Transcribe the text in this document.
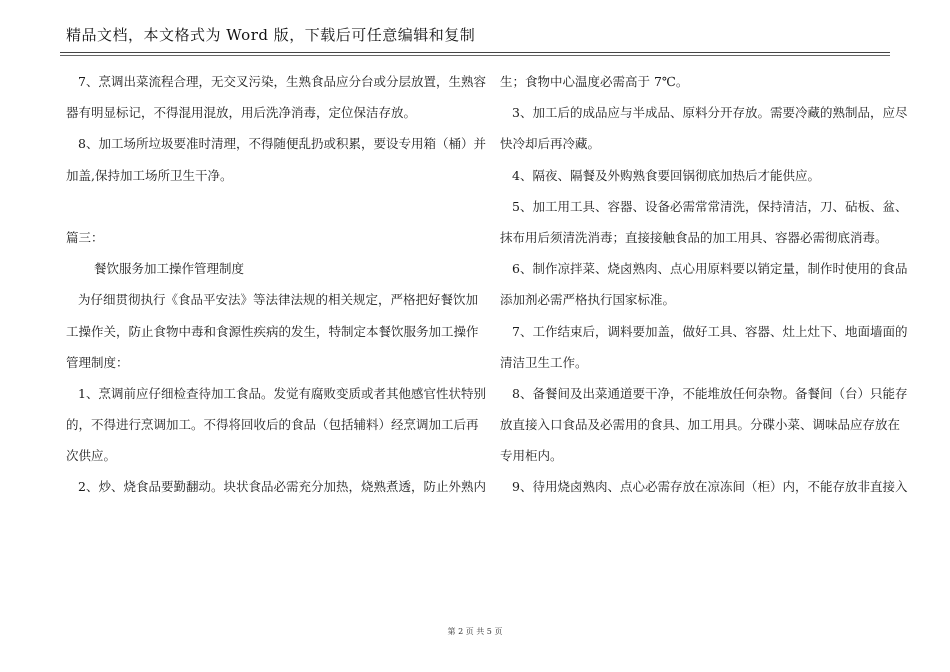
精品文档，本文格式为 Word 版，下载后可任意编辑和复制
7、烹调出菜流程合理，无交叉污染，生熟食品应分台或分层放置，生熟容
器有明显标记，不得混用混放，用后洗净消毒，定位保洁存放。
8、加工场所垃圾要准时清理，不得随便乱扔或积累，要设专用箱（桶）并
加盖,保持加工场所卫生干净。
篇三：
餐饮服务加工操作管理制度
为仔细贯彻执行《食品平安法》等法律法规的相关规定，严格把好餐饮加
工操作关，防止食物中毒和食源性疾病的发生，特制定本餐饮服务加工操作
管理制度：
1、烹调前应仔细检查待加工食品。发觉有腐败变质或者其他感官性状特别
的，不得进行烹调加工。不得将回收后的食品（包括辅料）经烹调加工后再
次供应。
2、炒、烧食品要勤翻动。块状食品必需充分加热，烧熟煮透，防止外熟内
生；食物中心温度必需高于 7℃。
3、加工后的成品应与半成品、原料分开存放。需要冷藏的熟制品，应尽
快冷却后再冷藏。
4、隔夜、隔餐及外购熟食要回锅彻底加热后才能供应。
5、加工用工具、容器、设备必需常常清洗，保持清洁，刀、砧板、盆、
抹布用后须清洗消毒；直接接触食品的加工用具、容器必需彻底消毒。
6、制作凉拌菜、烧卤熟肉、点心用原料要以销定量，制作时使用的食品
添加剂必需严格执行国家标准。
7、工作结束后，调料要加盖，做好工具、容器、灶上灶下、地面墙面的
清洁卫生工作。
8、备餐间及出菜通道要干净，不能堆放任何杂物。备餐间（台）只能存
放直接入口食品及必需用的食具、加工用具。分碟小菜、调味品应存放在
专用柜内。
9、待用烧卤熟肉、点心必需存放在凉冻间（柜）内，不能存放非直接入
第 2 页 共 5 页
